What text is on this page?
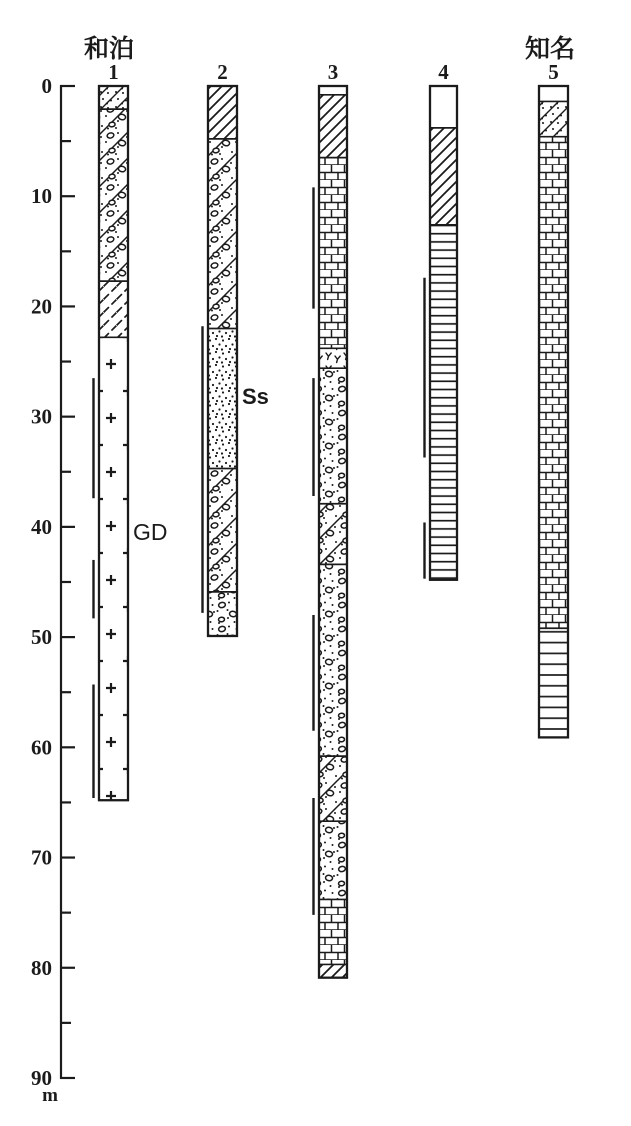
0
10
20
30
40
50
60
70
80
90
1	2	3	4	5
和泊	知名
GD
Ss
m
